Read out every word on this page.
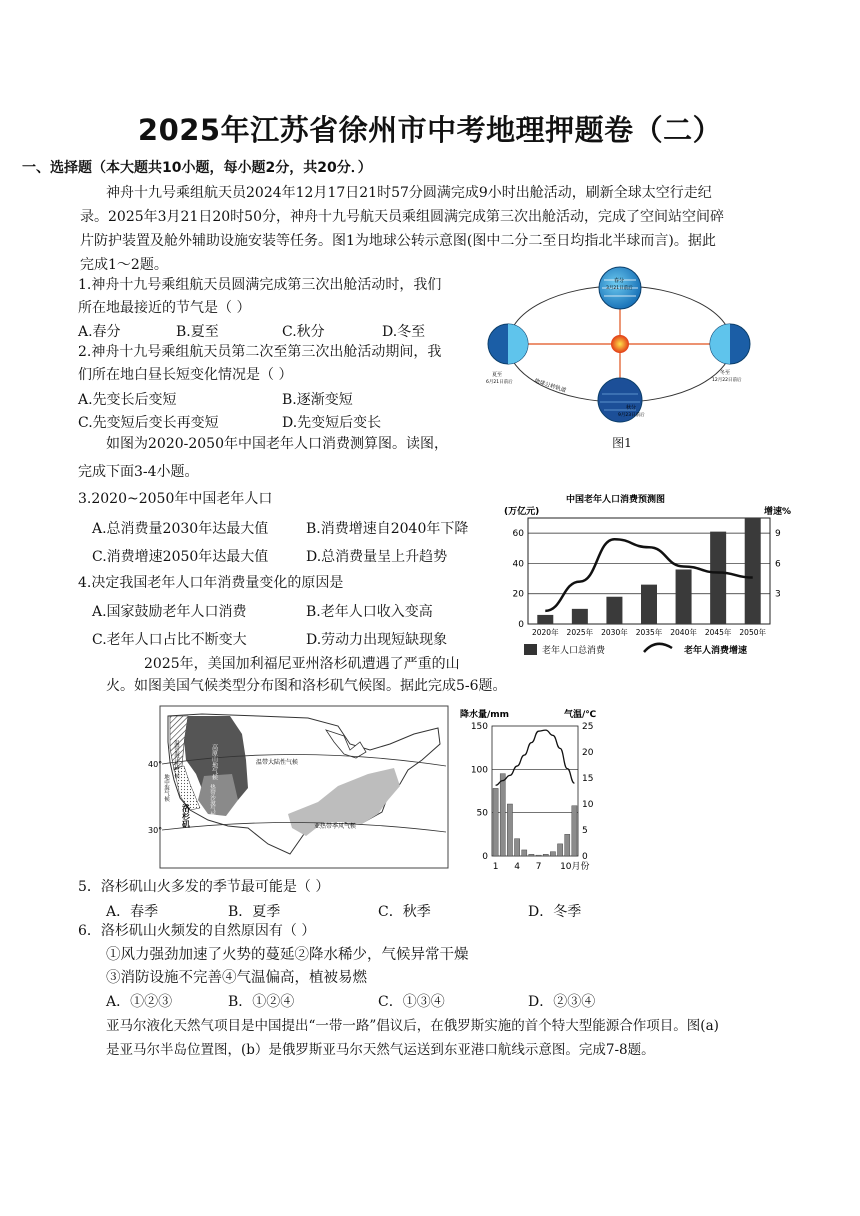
2025年江苏省徐州市中考地理押题卷（二）
一、选择题（本大题共10小题，每小题2分，共20分．）
神舟十九号乘组航天员2024年12月17日21时57分圆满完成9小时出舱活动，刷新全球太空行走纪
录。2025年3月21日20时50分，神舟十九号航天员乘组圆满完成第三次出舱活动，完成了空间站空间碎
片防护装置及舱外辅助设施安装等任务。图1为地球公转示意图(图中二分二至日均指北半球而言)。据此
完成1～2题。
1.神舟十九号乘组航天员圆满完成第三次出舱活动时，我们
所在地最接近的节气是（ ）
A.春分	B.夏至	C.秋分	D.冬至
2.神舟十九号乘组航天员第二次至第三次出舱活动期间，我
们所在地白昼长短变化情况是（ ）
A.先变长后变短	B.逐渐变短
C.先变短后变长再变短	D.先变短后变长
如图为2020-2050年中国老年人口消费测算图。读图，
完成下面3-4小题。
春分
3月21日前后
夏至
6月21日前后
冬至
12月22日前后
秋分
9月23日前后
地球公转轨道
图1
3.2020~2050年中国老年人口
A.总消费量2030年达最大值	B.消费增速自2040年下降
C.消费增速2050年达最大值	D.总消费量呈上升趋势
4.决定我国老年人口年消费量变化的原因是
A.国家鼓励老年人口消费	B.老年人口收入变高
C.老年人口占比不断变大	D.劳动力出现短缺现象
中国老年人口消费预测图
(万亿元)	增速%
0
20
40
60
3
6
9
2020年 2025年 2030年 2035年 2040年 2045年 2050年
老年人口总消费	老年人消费增速
2025年，美国加利福尼亚州洛杉矶遭遇了严重的山
火。如图美国气候类型分布图和洛杉矶气候图。据此完成5-6题。
40°
30°
温带海洋性气候	高原山地气候	温带大陆性气候
热带沙漠气候
地中海气候
洛杉矶	亚热带季风气候
降水量/mm	气温/℃
0
50
100
150
0
5
10
15
20
25
1 4 7 10月份
5．洛杉矶山火多发的季节最可能是（ ）
A．春季	B．夏季	C．秋季	D．冬季
6．洛杉矶山火频发的自然原因有（ ）
①风力强劲加速了火势的蔓延②降水稀少，气候异常干燥
③消防设施不完善④气温偏高，植被易燃
A．①②③	B．①②④	C．①③④	D．②③④
亚马尔液化天然气项目是中国提出“一带一路”倡议后，在俄罗斯实施的首个特大型能源合作项目。图(a)
是亚马尔半岛位置图，(b）是俄罗斯亚马尔天然气运送到东亚港口航线示意图。完成7-8题。
